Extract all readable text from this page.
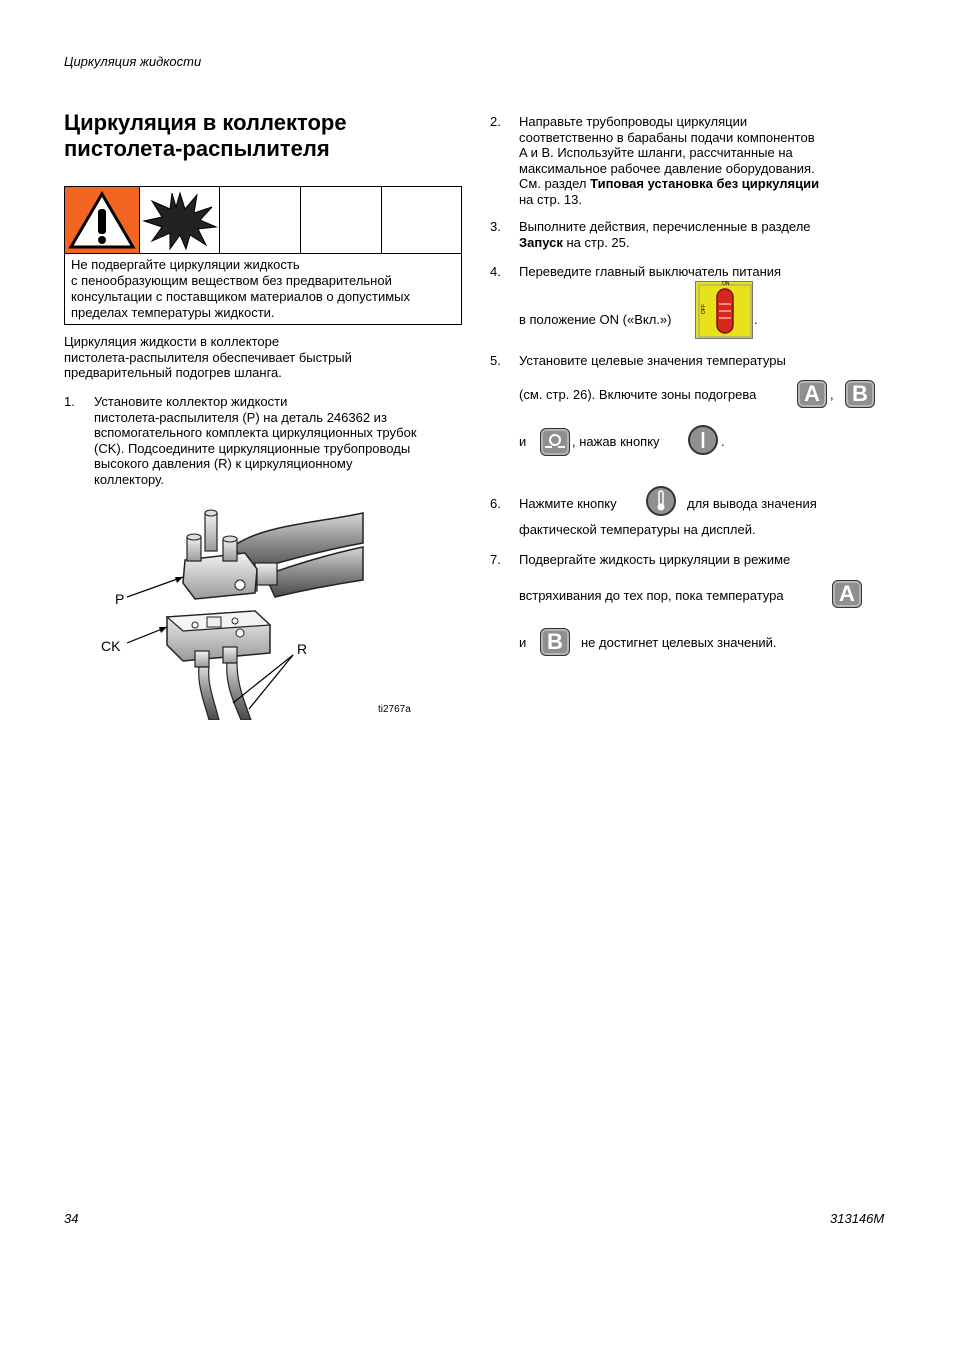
Циркуляция жидкости
Циркуляция в коллекторе
пистолета-распылителя
Не подвергайте циркуляции жидкость
с пенообразующим веществом без предварительной
консультации с поставщиком материалов о допустимых
пределах температуры жидкости.
Циркуляция жидкости в коллекторе
пистолета-распылителя обеспечивает быстрый
предварительный подогрев шланга.
1. Установите коллектор жидкости
пистолета-распылителя (P) на деталь 246362 из
вспомогательного комплекта циркуляционных трубок
(CK). Подсоедините циркуляционные трубопроводы
высокого давления (R) к циркуляционному
коллектору.
P
CK	R
ti2767a
2. Направьте трубопроводы циркуляции
соответственно в барабаны подачи компонентов
A и B. Используйте шланги, рассчитанные на
максимальное рабочее давление оборудования.
См. раздел Типовая установка без циркуляции
на стр. 13.
3. Выполните действия, перечисленные в разделе
Запуск на стр. 25.
4. Переведите главный выключатель питания
в положение ON («Вкл.»)
ON
OFF
.
5. Установите целевые значения температуры
(см. стр. 26). Включите зоны подогрева	A , B
и	, нажав кнопку	.
6. Нажмите кнопку	для вывода значения
фактической температуры на дисплей.
7. Подвергайте жидкость циркуляции в режиме
встряхивания до тех пор, пока температура	A
и B	не достигнет целевых значений.
34	313146M
